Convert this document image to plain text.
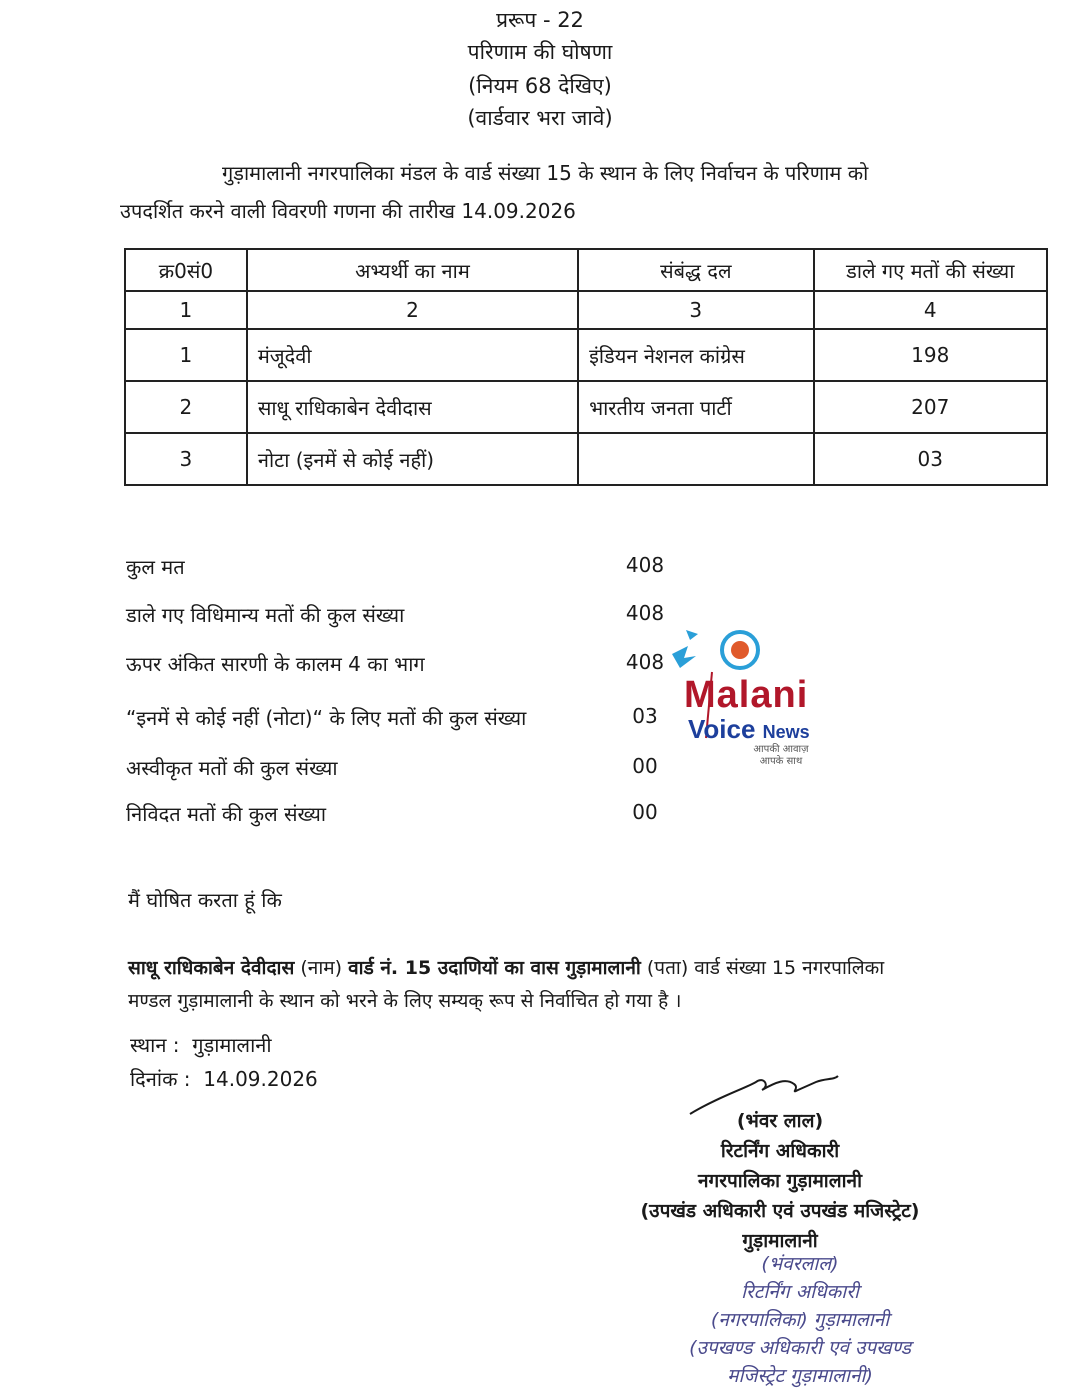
प्ररूप - 22
परिणाम की घोषणा
(नियम 68 देखिए)
(वार्डवार भरा जावे)

गुड़ामालानी नगरपालिका मंडल के वार्ड संख्या 15 के स्थान के लिए निर्वाचन के परिणाम को

उपदर्शित करने वाली विवरणी गणना की तारीख 14.09.2026

क्र0सं0	अभ्यर्थी का नाम	संबंद्ध दल	डाले गए मतों की संख्या
1	2	3	4
1	मंजूदेवी	इंडियन नेशनल कांग्रेस	198
2	साधू राधिकाबेन देवीदास	भारतीय जनता पार्टी	207
3	नोटा (इनमें से कोई नहीं)		03
कुल मत	408
डाले गए विधिमान्य मतों की कुल संख्या	408
ऊपर अंकित सारणी के कालम 4 का भाग	408
“इनमें से कोई नहीं (नोटा)“ के लिए मतों की कुल संख्या	03
अस्वीकृत मतों की कुल संख्या	00
निविदत मतों की कुल संख्या	00
Malani
Voice News
आपकी आवाज़
आपके साथ
मैं घोषित करता हूं कि
साधू राधिकाबेन देवीदास (नाम) वार्ड नं. 15 उदाणियों का वास गुड़ामालानी (पता) वार्ड संख्या 15 नगरपालिका
मण्डल गुड़ामालानी के स्थान को भरने के लिए सम्यक् रूप से निर्वाचित हो गया है ।
स्थान : गुड़ामालानी
दिनांक : 14.09.2026
(भंवर लाल)
रिटर्निंग अधिकारी
नगरपालिका गुड़ामालानी
(उपखंड अधिकारी एवं उपखंड मजिस्ट्रेट)
गुड़ामालानी
(भंवरलाल)
रिटर्निंग अधिकारी
(नगरपालिका) गुड़ामालानी
(उपखण्ड अधिकारी एवं उपखण्ड
मजिस्ट्रेट गुड़ामालानी)
